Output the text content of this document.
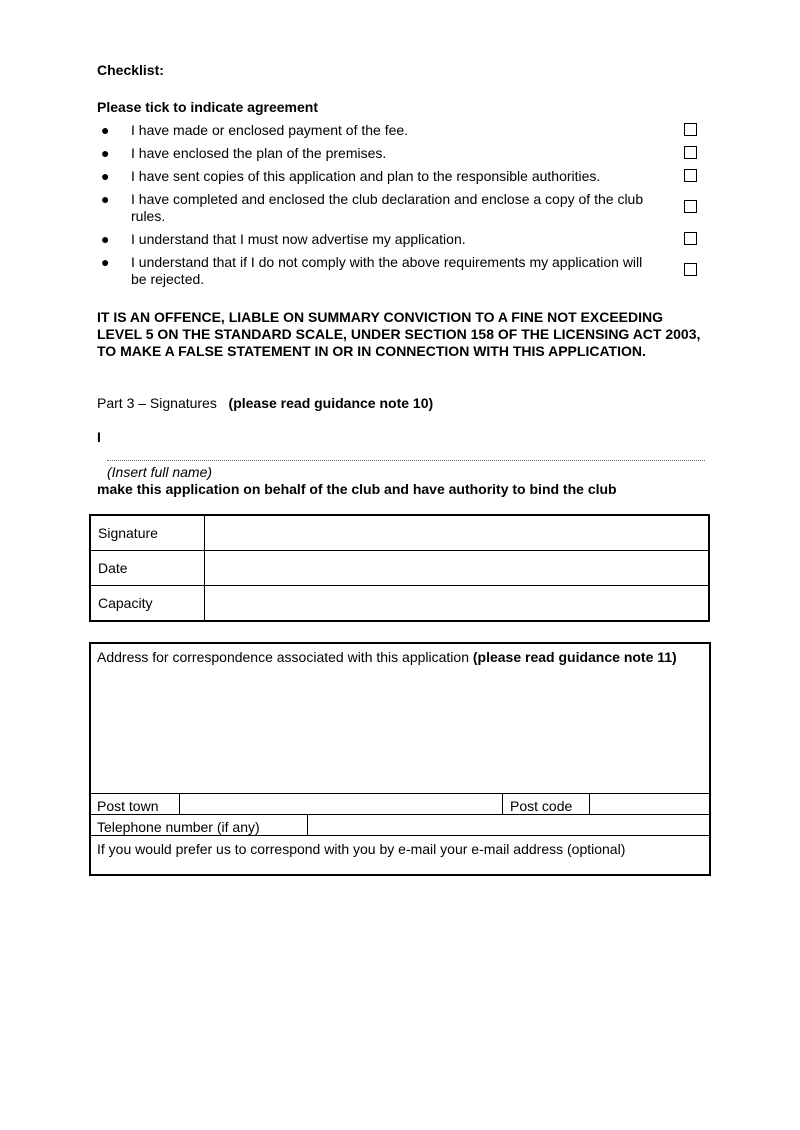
Checklist:
Please tick to indicate agreement
● I have made or enclosed payment of the fee.
● I have enclosed the plan of the premises.
● I have sent copies of this application and plan to the responsible authorities.
● I have completed and enclosed the club declaration and enclose a copy of the club rules.
● I understand that I must now advertise my application.
● I understand that if I do not comply with the above requirements my application will be rejected.
IT IS AN OFFENCE, LIABLE ON SUMMARY CONVICTION TO A FINE NOT EXCEEDING LEVEL 5 ON THE STANDARD SCALE, UNDER SECTION 158 OF THE LICENSING ACT 2003, TO MAKE A FALSE STATEMENT IN OR IN CONNECTION WITH THIS APPLICATION.
Part 3 – Signatures (please read guidance note 10)
I
(Insert full name)
make this application on behalf of the club and have authority to bind the club
Signature	
Date	
Capacity	
Address for correspondence associated with this application (please read guidance note 11)
Post town	Post code
Telephone number (if any)
If you would prefer us to correspond with you by e-mail your e-mail address (optional)
